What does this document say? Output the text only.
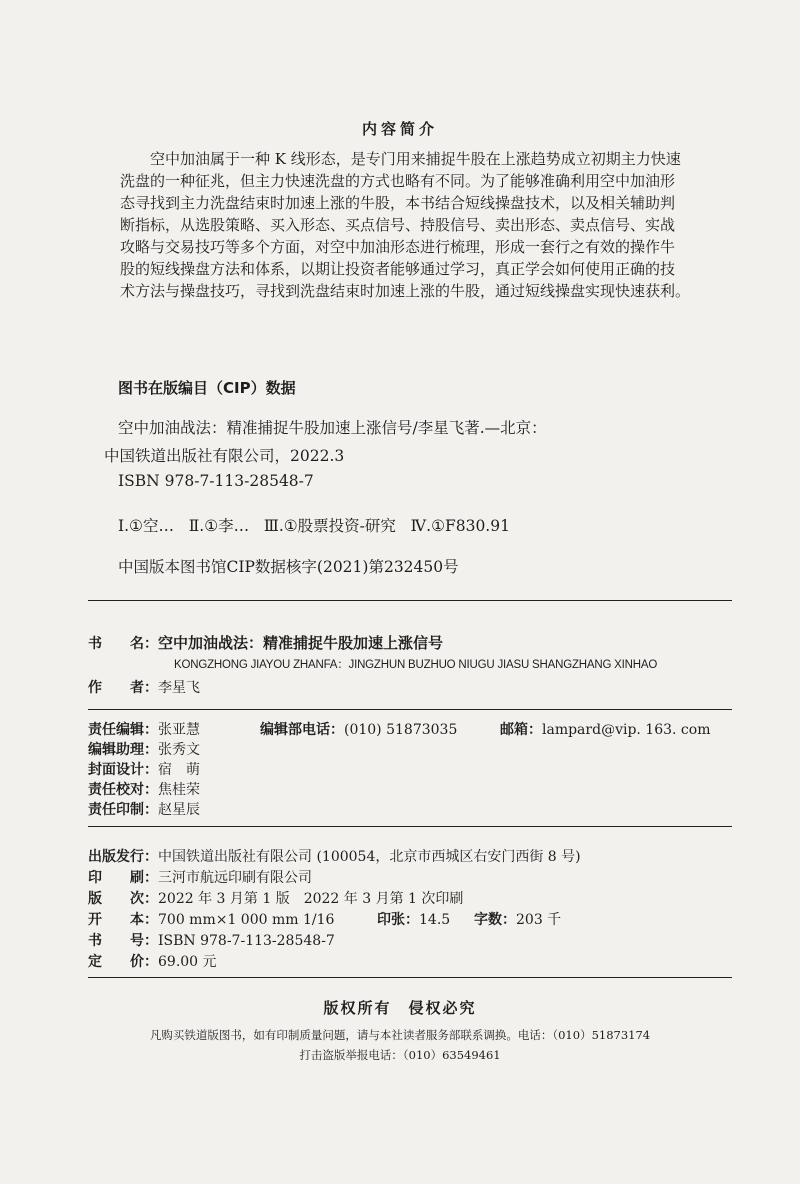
内容简介
空中加油属于一种 K 线形态，是专门用来捕捉牛股在上涨趋势成立初期主力快速
洗盘的一种征兆，但主力快速洗盘的方式也略有不同。为了能够准确利用空中加油形
态寻找到主力洗盘结束时加速上涨的牛股，本书结合短线操盘技术，以及相关辅助判
断指标，从选股策略、买入形态、买点信号、持股信号、卖出形态、卖点信号、实战
攻略与交易技巧等多个方面，对空中加油形态进行梳理，形成一套行之有效的操作牛
股的短线操盘方法和体系，以期让投资者能够通过学习，真正学会如何使用正确的技
术方法与操盘技巧，寻找到洗盘结束时加速上涨的牛股，通过短线操盘实现快速获利。
图书在版编目（CIP）数据
空中加油战法：精准捕捉牛股加速上涨信号/李星飞著.—北京：
中国铁道出版社有限公司，2022.3
ISBN 978-7-113-28548-7
Ⅰ.①空…   Ⅱ.①李…   Ⅲ.①股票投资-研究   Ⅳ.①F830.91
中国版本图书馆CIP数据核字(2021)第232450号
书　　名：空中加油战法：精准捕捉牛股加速上涨信号
KONGZHONG JIAYOU ZHANFA：JINGZHUN BUZHUO NIUGU JIASU SHANGZHANG XINHAO
作　　者：李星飞
责任编辑：张亚慧	编辑部电话：(010) 51873035	邮箱：lampard@vip. 163. com
编辑助理：张秀文
封面设计：宿　萌
责任校对：焦桂荣
责任印制：赵星辰
出版发行：中国铁道出版社有限公司 (100054，北京市西城区右安门西街 8 号)
印　　刷：三河市航远印刷有限公司
版　　次：2022 年 3 月第 1 版　2022 年 3 月第 1 次印刷
开　　本：700 mm×1 000 mm 1/16	印张：14.5 字数：203 千
书　　号：ISBN 978-7-113-28548-7
定　　价：69.00 元
版权所有　侵权必究
凡购买铁道版图书，如有印制质量问题，请与本社读者服务部联系调换。电话：（010）51873174
打击盗版举报电话：（010）63549461
